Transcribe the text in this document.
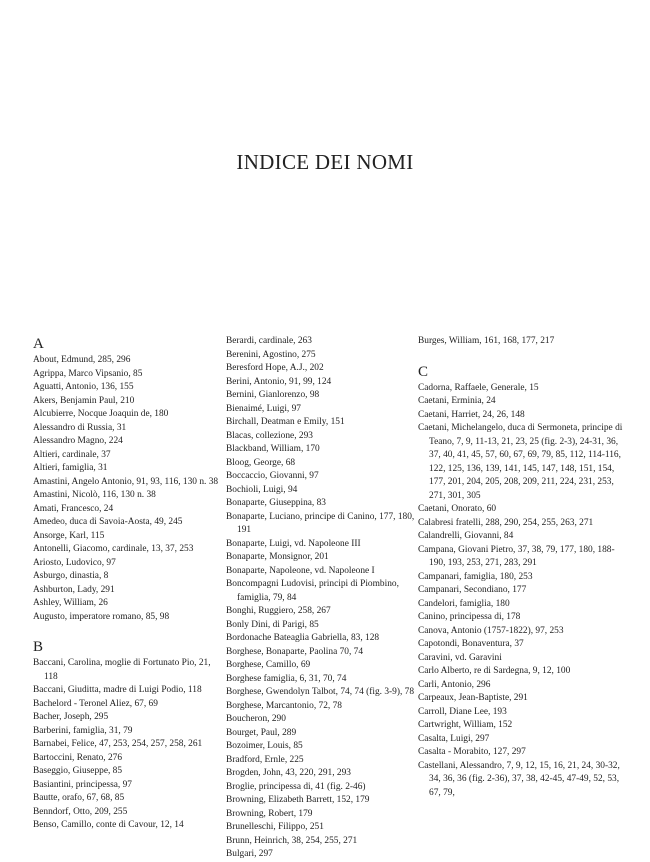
INDICE DEI NOMI
A
About, Edmund, 285, 296
Agrippa, Marco Vipsanio, 85
Aguatti, Antonio, 136, 155
Akers, Benjamin Paul, 210
Alcubierre, Nocque Joaquin de, 180
Alessandro di Russia, 31
Alessandro Magno, 224
Altieri, cardinale, 37
Altieri, famiglia, 31
Amastini, Angelo Antonio, 91, 93, 116, 130 n. 38
Amastini, Nicolò, 116, 130 n. 38
Amati, Francesco, 24
Amedeo, duca di Savoia-Aosta, 49, 245
Ansorge, Karl, 115
Antonelli, Giacomo, cardinale, 13, 37, 253
Ariosto, Ludovico, 97
Asburgo, dinastia, 8
Ashburton, Lady, 291
Ashley, William, 26
Augusto, imperatore romano, 85, 98
B
Baccani, Carolina, moglie di Fortunato Pio, 21, 118
Baccani, Giuditta, madre di Luigi Podio, 118
Bachelord - Teronel Aliez, 67, 69
Bacher, Joseph, 295
Barberini, famiglia, 31, 79
Barnabei, Felice, 47, 253, 254, 257, 258, 261
Bartoccini, Renato, 276
Baseggio, Giuseppe, 85
Basiantini, principessa, 97
Bautte, orafo, 67, 68, 85
Benndorf, Otto, 209, 255
Benso, Camillo, conte di Cavour, 12, 14
Berardi, cardinale, 263
Berenini, Agostino, 275
Beresford Hope, A.J., 202
Berini, Antonio, 91, 99, 124
Bernini, Gianlorenzo, 98
Bienaimé, Luigi, 97
Birchall, Deatman e Emily, 151
Blacas, collezione, 293
Blackband, William, 170
Bloog, George, 68
Boccaccio, Giovanni, 97
Bochioli, Luigi, 94
Bonaparte, Giuseppina, 83
Bonaparte, Luciano, principe di Canino, 177, 180, 191
Bonaparte, Luigi, vd. Napoleone III
Bonaparte, Monsignor, 201
Bonaparte, Napoleone, vd. Napoleone I
Boncompagni Ludovisi, principi di Piombino, famiglia, 79, 84
Bonghi, Ruggiero, 258, 267
Bonly Dini, di Parigi, 85
Bordonache Bateaglia Gabriella, 83, 128
Borghese, Bonaparte, Paolina 70, 74
Borghese, Camillo, 69
Borghese famiglia, 6, 31, 70, 74
Borghese, Gwendolyn Talbot, 74, 74 (fig. 3-9), 78
Borghese, Marcantonio, 72, 78
Boucheron, 290
Bourget, Paul, 289
Bozoimer, Louis, 85
Bradford, Ernle, 225
Brogden, John, 43, 220, 291, 293
Broglie, principessa di, 41 (fig. 2-46)
Browning, Elizabeth Barrett, 152, 179
Browning, Robert, 179
Brunelleschi, Filippo, 251
Brunn, Heinrich, 38, 254, 255, 271
Bulgari, 297
Burges, William, 161, 168, 177, 217
C
Cadorna, Raffaele, Generale, 15
Caetani, Erminia, 24
Caetani, Harriet, 24, 26, 148
Caetani, Michelangelo, duca di Sermoneta, principe di Teano, 7, 9, 11-13, 21, 23, 25 (fig. 2-3), 24-31, 36, 37, 40, 41, 45, 57, 60, 67, 69, 79, 85, 112, 114-116, 122, 125, 136, 139, 141, 145, 147, 148, 151, 154, 177, 201, 204, 205, 208, 209, 211, 224, 231, 253, 271, 301, 305
Caetani, Onorato, 60
Calabresi fratelli, 288, 290, 254, 255, 263, 271
Calandrelli, Giovanni, 84
Campana, Giovani Pietro, 37, 38, 79, 177, 180, 188-190, 193, 253, 271, 283, 291
Campanari, famiglia, 180, 253
Campanari, Secondiano, 177
Candelori, famiglia, 180
Canino, principessa di, 178
Canova, Antonio (1757-1822), 97, 253
Capotondi, Bonaventura, 37
Caravini, vd. Garavini
Carlo Alberto, re di Sardegna, 9, 12, 100
Carli, Antonio, 296
Carpeaux, Jean-Baptiste, 291
Carroll, Diane Lee, 193
Cartwright, William, 152
Casalta, Luigi, 297
Casalta - Morabito, 127, 297
Castellani, Alessandro, 7, 9, 12, 15, 16, 21, 24, 30-32, 34, 36, 36 (fig. 2-36), 37, 38, 42-45, 47-49, 52, 53, 67, 79,
